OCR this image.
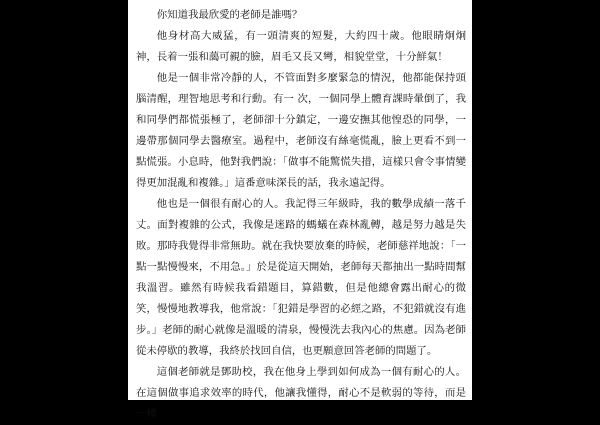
你知道我最欣愛的老師是誰嗎？

他身材高大威猛，有一頭清爽的短髮，大約四十歲。他眼睛炯炯神，長着一張和藹可親的臉，眉毛又長又彎，相貌堂堂，十分鮮氣！

他是一個非常冷靜的人，不管面對多麼緊急的情況，他都能保持頭腦清醒，理智地思考和行動。有一 次，一個同學上體育課時暈倒了，我和同學們都慌張極了，老師卻十分鎮定，一邊安撫其他惶恐的同學，一邊帶那個同學去醫療室。過程中，老師沒有絲毫慌亂，臉上更看不到一點慌張。小息時，他對我們說：「做事不能驚慌失措，這樣只會令事情變得更加混亂和複雜。」這番意味深長的話，我永遠記得。

他也是一個很有耐心的人。我記得三年級時，我的數學成績一落千丈。面對複雜的公式，我像是迷路的螞蟻在森林亂轉，越是努力越是失敗。那時我覺得非常無助。就在我快要放棄的時候，老師慈祥地說：「一點一點慢慢來，不用急。」於是從這天開始，老師每天都抽出一點時間幫我溫習。雖然有時候我看錯題目，算錯數，但是他總會露出耐心的微笑，慢慢地教導我，他常說：「犯錯是學習的必經之路，不犯錯就沒有進步。」老師的耐心就像是溫暖的清泉，慢慢洗去我內心的焦慮。因為老師從未停歇的教導，我終於找回自信，也更願意回答老師的問題了。

這個老師就是鄧助校，我在他身上學到如何成為一個有耐心的人。在這個做事追求效率的時代，他讓我懂得，耐心不是軟弱的等待，而是一種
